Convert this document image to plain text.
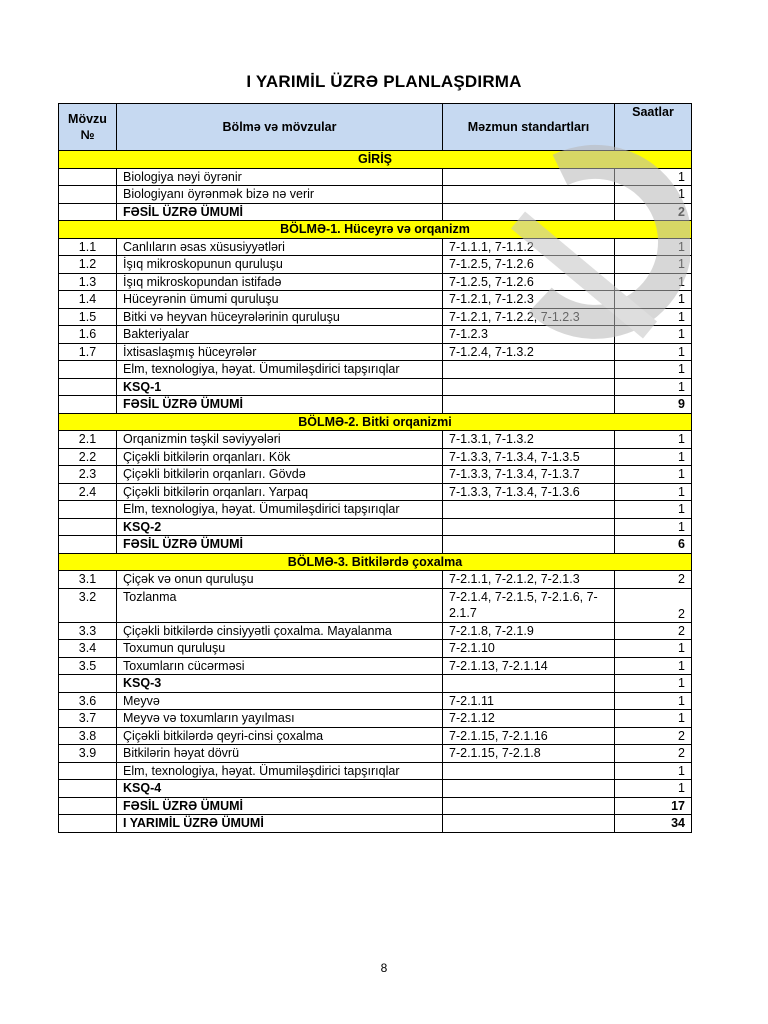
I YARIMİL ÜZRƏ PLANLAŞDIRMA
Mövzu №	Bölmə və mövzular	Məzmun standartları	Saatlar
GİRİŞ			
	Biologiya nəyi öyrənir		1
	Biologiyanı öyrənmək bizə nə verir		1
	FƏSİL ÜZRƏ ÜMUMİ		2
BÖLMƏ-1. Hüceyrə və orqanizm			
1.1	Canlıların əsas xüsusiyyətləri	7-1.1.1, 7-1.1.2	1
1.2	İşıq mikroskopunun quruluşu	7-1.2.5, 7-1.2.6	1
1.3	İşıq mikroskopundan istifadə	7-1.2.5, 7-1.2.6	1
1.4	Hüceyrənin ümumi quruluşu	7-1.2.1, 7-1.2.3	1
1.5	Bitki və heyvan hüceyrələrinin quruluşu	7-1.2.1, 7-1.2.2, 7-1.2.3	1
1.6	Bakteriyalar	7-1.2.3	1
1.7	İxtisaslaşmış hüceyrələr	7-1.2.4, 7-1.3.2	1
	Elm, texnologiya, həyat. Ümumiləşdirici tapşırıqlar		1
	KSQ-1		1
	FƏSİL ÜZRƏ ÜMUMİ		9
BÖLMƏ-2. Bitki orqanizmi			
2.1	Orqanizmin təşkil səviyyələri	7-1.3.1, 7-1.3.2	1
2.2	Çiçəkli bitkilərin orqanları. Kök	7-1.3.3, 7-1.3.4, 7-1.3.5	1
2.3	Çiçəkli bitkilərin orqanları. Gövdə	7-1.3.3, 7-1.3.4, 7-1.3.7	1
2.4	Çiçəkli bitkilərin orqanları. Yarpaq	7-1.3.3, 7-1.3.4, 7-1.3.6	1
	Elm, texnologiya, həyat. Ümumiləşdirici tapşırıqlar		1
	KSQ-2		1
	FƏSİL ÜZRƏ ÜMUMİ		6
BÖLMƏ-3. Bitkilərdə çoxalma			
3.1	Çiçək və onun quruluşu	7-2.1.1, 7-2.1.2, 7-2.1.3	2
3.2	Tozlanma	7-2.1.4, 7-2.1.5, 7-2.1.6, 7-2.1.7	2
3.3	Çiçəkli bitkilərdə cinsiyyətli çoxalma. Mayalanma	7-2.1.8, 7-2.1.9	2
3.4	Toxumun quruluşu	7-2.1.10	1
3.5	Toxumların cücərməsi	7-2.1.13, 7-2.1.14	1
	KSQ-3		1
3.6	Meyvə	7-2.1.11	1
3.7	Meyvə və toxumların yayılması	7-2.1.12	1
3.8	Çiçəkli bitkilərdə qeyri-cinsi çoxalma	7-2.1.15, 7-2.1.16	2
3.9	Bitkilərin həyat dövrü	7-2.1.15, 7-2.1.8	2
	Elm, texnologiya, həyat. Ümumiləşdirici tapşırıqlar		1
	KSQ-4		1
	FƏSİL ÜZRƏ ÜMUMİ		17
	I YARIMİL ÜZRƏ ÜMUMİ		34
8
